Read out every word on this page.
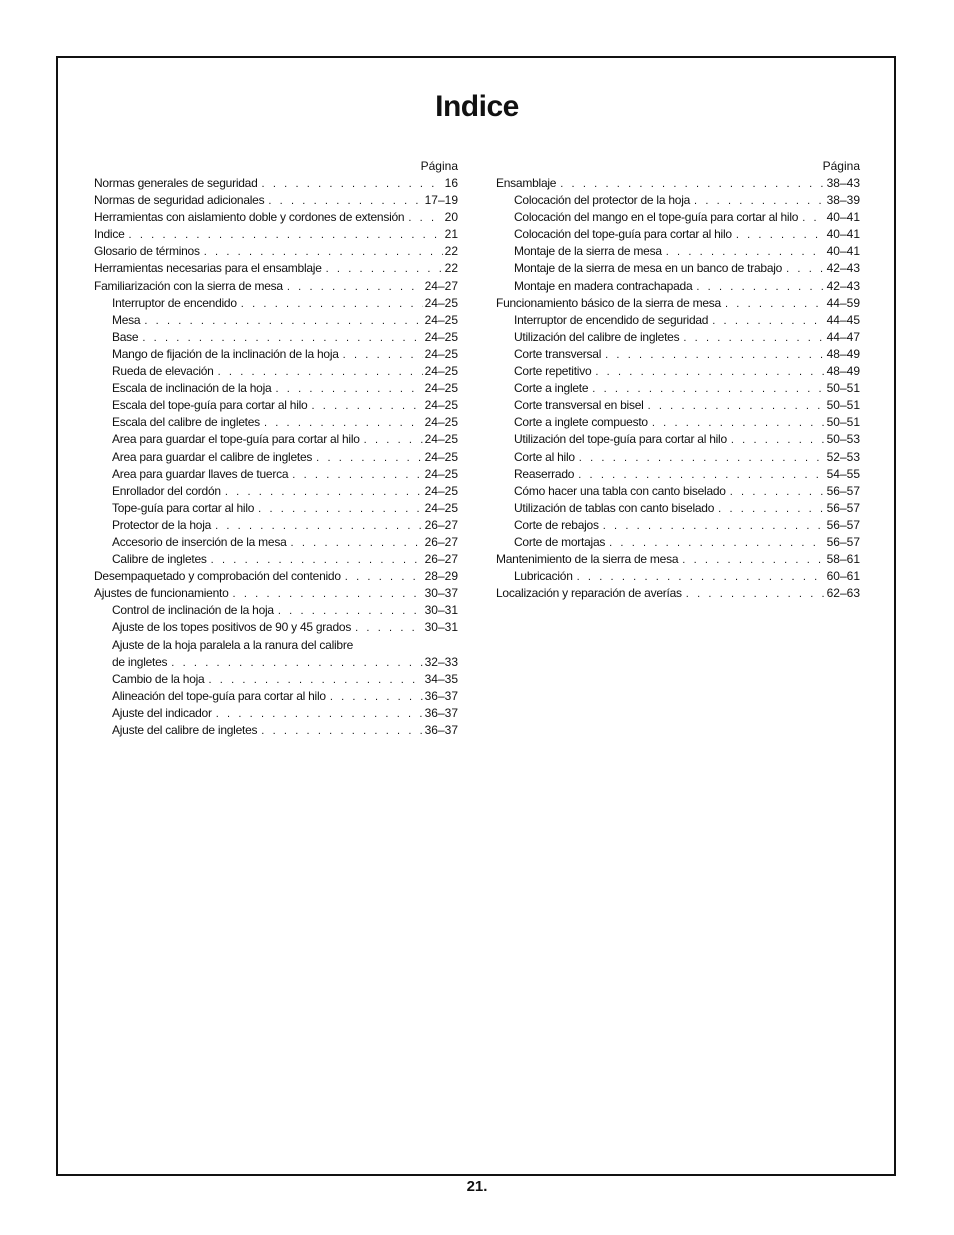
Indice
Página
Normas generales de seguridad . . .	16
Normas de seguridad adicionales . . .	17–19
Herramientas con aislamiento doble y cordones de extensión . . .	20
Indice . . .	21
Glosario de términos . . .	22
Herramientas necesarias para el ensamblaje . . .	22
Familiarización con la sierra de mesa . . .	24–27
Interruptor de encendido . . .	24–25
Mesa . . .	24–25
Base . . .	24–25
Mango de fijación de la inclinación de la hoja . . .	24–25
Rueda de elevación . . .	24–25
Escala de inclinación de la hoja . . .	24–25
Escala del tope-guía para cortar al hilo . . .	24–25
Escala del calibre de ingletes . . .	24–25
Area para guardar el tope-guía para cortar al hilo . . .	24–25
Area para guardar el calibre de ingletes . . .	24–25
Area para guardar llaves de tuerca . . .	24–25
Enrollador del cordón . . .	24–25
Tope-guía para cortar al hilo . . .	24–25
Protector de la hoja . . .	26–27
Accesorio de inserción de la mesa . . .	26–27
Calibre de ingletes . . .	26–27
Desempaquetado y comprobación del contenido . . .	28–29
Ajustes de funcionamiento . . .	30–37
Control de inclinación de la hoja . . .	30–31
Ajuste de los topes positivos de 90 y 45 grados . . .	30–31
Ajuste de la hoja paralela a la ranura del calibre
de ingletes . . .	32–33
Cambio de la hoja . . .	34–35
Alineación del tope-guía para cortar al hilo . . .	36–37
Ajuste del indicador . . .	36–37
Ajuste del calibre de ingletes . . .	36–37
Página
Ensamblaje . . .	38–43
Colocación del protector de la hoja . . .	38–39
Colocación del mango en el tope-guía para cortar al hilo . . . 40–41
Colocación del tope-guía para cortar al hilo . . .	40–41
Montaje de la sierra de mesa . . .	40–41
Montaje de la sierra de mesa en un banco de trabajo . . .	42–43
Montaje en madera contrachapada . . .	42–43
Funcionamiento básico de la sierra de mesa . . .	44–59
Interruptor de encendido de seguridad . . .	44–45
Utilización del calibre de ingletes . . .	44–47
Corte transversal . . .	48–49
Corte repetitivo . . .	48–49
Corte a inglete . . .	50–51
Corte transversal en bisel . . .	50–51
Corte a inglete compuesto . . .	50–51
Utilización del tope-guía para cortar al hilo . . .	50–53
Corte al hilo . . .	52–53
Reaserrado . . .	54–55
Cómo hacer una tabla con canto biselado . . .	56–57
Utilización de tablas con canto biselado . . .	56–57
Corte de rebajos . . .	56–57
Corte de mortajas . . .	56–57
Mantenimiento de la sierra de mesa . . .	58–61
Lubricación . . .	60–61
Localización y reparación de averías . . .	62–63
21.
